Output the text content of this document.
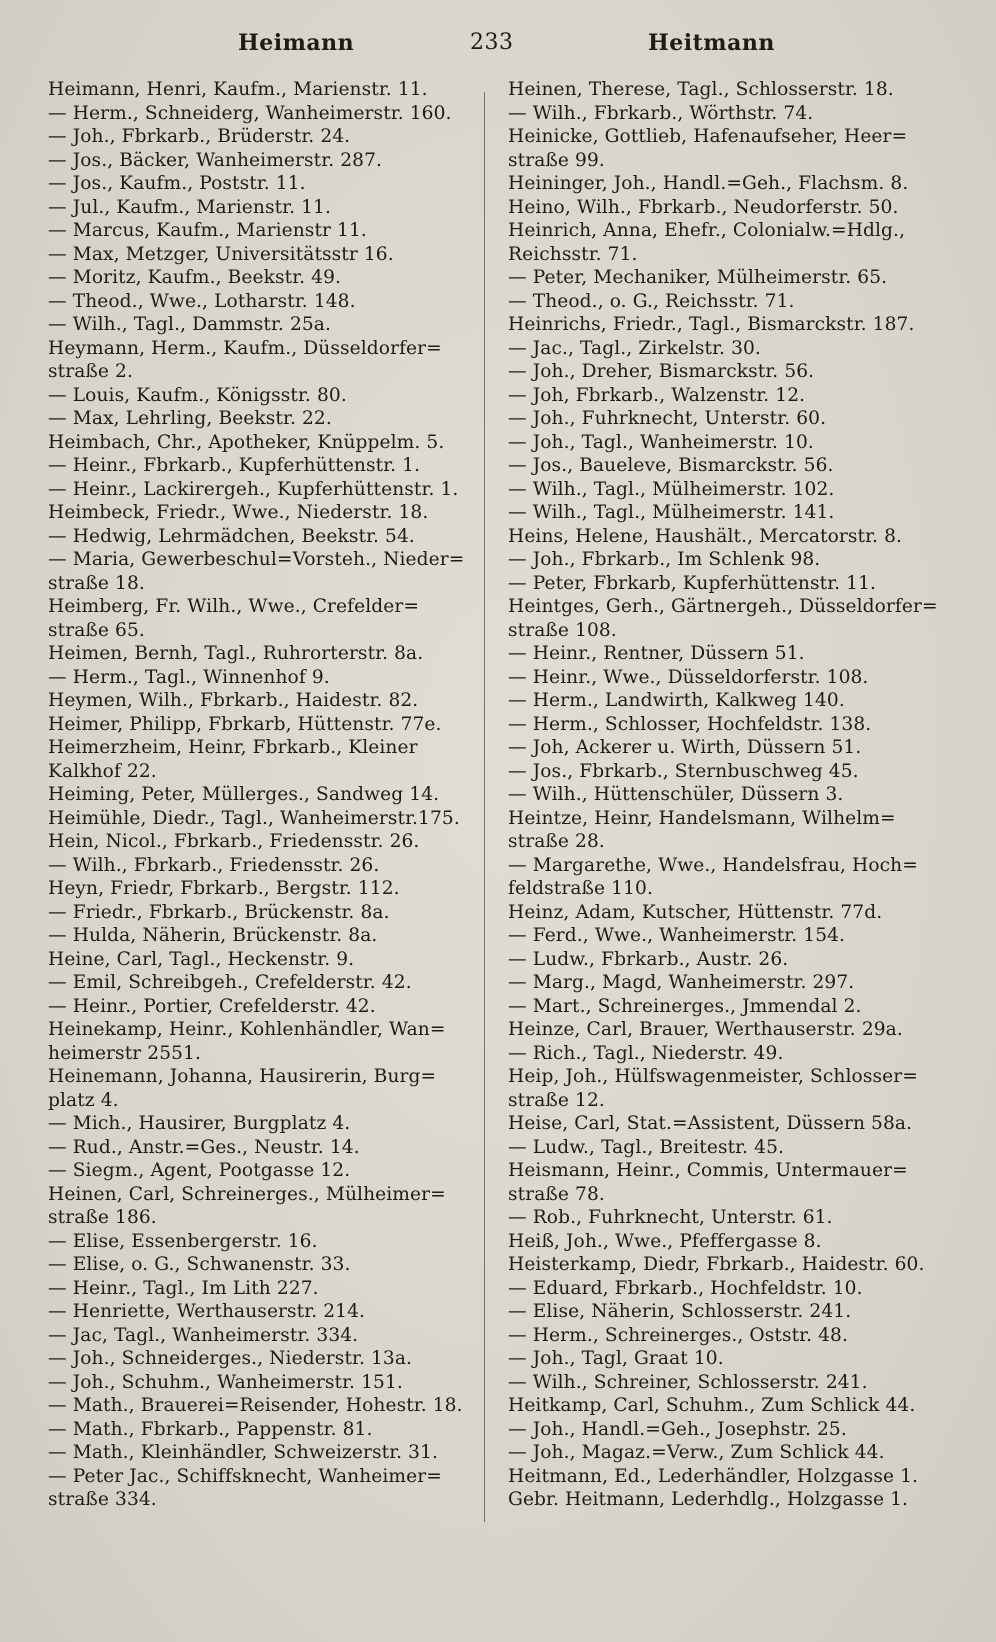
Heimann	233	Heitmann
Heimann, Henri, Kaufm., Marienstr. 11.
— Herm., Schneiderg, Wanheimerstr. 160.
— Joh., Fbrkarb., Brüderstr. 24.
— Jos., Bäcker, Wanheimerstr. 287.
— Jos., Kaufm., Poststr. 11.
— Jul., Kaufm., Marienstr. 11.
— Marcus, Kaufm., Marienstr 11.
— Max, Metzger, Universitätsstr 16.
— Moritz, Kaufm., Beekstr. 49.
— Theod., Wwe., Lotharstr. 148.
— Wilh., Tagl., Dammstr. 25a.
Heymann, Herm., Kaufm., Düsseldorfer=
straße 2.
— Louis, Kaufm., Königsstr. 80.
— Max, Lehrling, Beekstr. 22.
Heimbach, Chr., Apotheker, Knüppelm. 5.
— Heinr., Fbrkarb., Kupferhüttenstr. 1.
— Heinr., Lackirergeh., Kupferhüttenstr. 1.
Heimbeck, Friedr., Wwe., Niederstr. 18.
— Hedwig, Lehrmädchen, Beekstr. 54.
— Maria, Gewerbeschul=Vorsteh., Nieder=
straße 18.
Heimberg, Fr. Wilh., Wwe., Crefelder=
straße 65.
Heimen, Bernh, Tagl., Ruhrorterstr. 8a.
— Herm., Tagl., Winnenhof 9.
Heymen, Wilh., Fbrkarb., Haidestr. 82.
Heimer, Philipp, Fbrkarb, Hüttenstr. 77e.
Heimerzheim, Heinr, Fbrkarb., Kleiner
Kalkhof 22.
Heiming, Peter, Müllerges., Sandweg 14.
Heimühle, Diedr., Tagl., Wanheimerstr.175.
Hein, Nicol., Fbrkarb., Friedensstr. 26.
— Wilh., Fbrkarb., Friedensstr. 26.
Heyn, Friedr, Fbrkarb., Bergstr. 112.
— Friedr., Fbrkarb., Brückenstr. 8a.
— Hulda, Näherin, Brückenstr. 8a.
Heine, Carl, Tagl., Heckenstr. 9.
— Emil, Schreibgeh., Crefelderstr. 42.
— Heinr., Portier, Crefelderstr. 42.
Heinekamp, Heinr., Kohlenhändler, Wan=
heimerstr 2551.
Heinemann, Johanna, Hausirerin, Burg=
platz 4.
— Mich., Hausirer, Burgplatz 4.
— Rud., Anstr.=Ges., Neustr. 14.
— Siegm., Agent, Pootgasse 12.
Heinen, Carl, Schreinerges., Mülheimer=
straße 186.
— Elise, Essenbergerstr. 16.
— Elise, o. G., Schwanenstr. 33.
— Heinr., Tagl., Im Lith 227.
— Henriette, Werthauserstr. 214.
— Jac, Tagl., Wanheimerstr. 334.
— Joh., Schneiderges., Niederstr. 13a.
— Joh., Schuhm., Wanheimerstr. 151.
— Math., Brauerei=Reisender, Hohestr. 18.
— Math., Fbrkarb., Pappenstr. 81.
— Math., Kleinhändler, Schweizerstr. 31.
— Peter Jac., Schiffsknecht, Wanheimer=
straße 334.
Heinen, Therese, Tagl., Schlosserstr. 18.
— Wilh., Fbrkarb., Wörthstr. 74.
Heinicke, Gottlieb, Hafenaufseher, Heer=
straße 99.
Heininger, Joh., Handl.=Geh., Flachsm. 8.
Heino, Wilh., Fbrkarb., Neudorferstr. 50.
Heinrich, Anna, Ehefr., Colonialw.=Hdlg.,
Reichsstr. 71.
— Peter, Mechaniker, Mülheimerstr. 65.
— Theod., o. G., Reichsstr. 71.
Heinrichs, Friedr., Tagl., Bismarckstr. 187.
— Jac., Tagl., Zirkelstr. 30.
— Joh., Dreher, Bismarckstr. 56.
— Joh, Fbrkarb., Walzenstr. 12.
— Joh., Fuhrknecht, Unterstr. 60.
— Joh., Tagl., Wanheimerstr. 10.
— Jos., Baueleve, Bismarckstr. 56.
— Wilh., Tagl., Mülheimerstr. 102.
— Wilh., Tagl., Mülheimerstr. 141.
Heins, Helene, Haushält., Mercatorstr. 8.
— Joh., Fbrkarb., Im Schlenk 98.
— Peter, Fbrkarb, Kupferhüttenstr. 11.
Heintges, Gerh., Gärtnergeh., Düsseldorfer=
straße 108.
— Heinr., Rentner, Düssern 51.
— Heinr., Wwe., Düsseldorferstr. 108.
— Herm., Landwirth, Kalkweg 140.
— Herm., Schlosser, Hochfeldstr. 138.
— Joh, Ackerer u. Wirth, Düssern 51.
— Jos., Fbrkarb., Sternbuschweg 45.
— Wilh., Hüttenschüler, Düssern 3.
Heintze, Heinr, Handelsmann, Wilhelm=
straße 28.
— Margarethe, Wwe., Handelsfrau, Hoch=
feldstraße 110.
Heinz, Adam, Kutscher, Hüttenstr. 77d.
— Ferd., Wwe., Wanheimerstr. 154.
— Ludw., Fbrkarb., Austr. 26.
— Marg., Magd, Wanheimerstr. 297.
— Mart., Schreinerges., Jmmendal 2.
Heinze, Carl, Brauer, Werthauserstr. 29a.
— Rich., Tagl., Niederstr. 49.
Heip, Joh., Hülfswagenmeister, Schlosser=
straße 12.
Heise, Carl, Stat.=Assistent, Düssern 58a.
— Ludw., Tagl., Breitestr. 45.
Heismann, Heinr., Commis, Untermauer=
straße 78.
— Rob., Fuhrknecht, Unterstr. 61.
Heiß, Joh., Wwe., Pfeffergasse 8.
Heisterkamp, Diedr, Fbrkarb., Haidestr. 60.
— Eduard, Fbrkarb., Hochfeldstr. 10.
— Elise, Näherin, Schlosserstr. 241.
— Herm., Schreinerges., Oststr. 48.
— Joh., Tagl, Graat 10.
— Wilh., Schreiner, Schlosserstr. 241.
Heitkamp, Carl, Schuhm., Zum Schlick 44.
— Joh., Handl.=Geh., Josephstr. 25.
— Joh., Magaz.=Verw., Zum Schlick 44.
Heitmann, Ed., Lederhändler, Holzgasse 1.
Gebr. Heitmann, Lederhdlg., Holzgasse 1.
